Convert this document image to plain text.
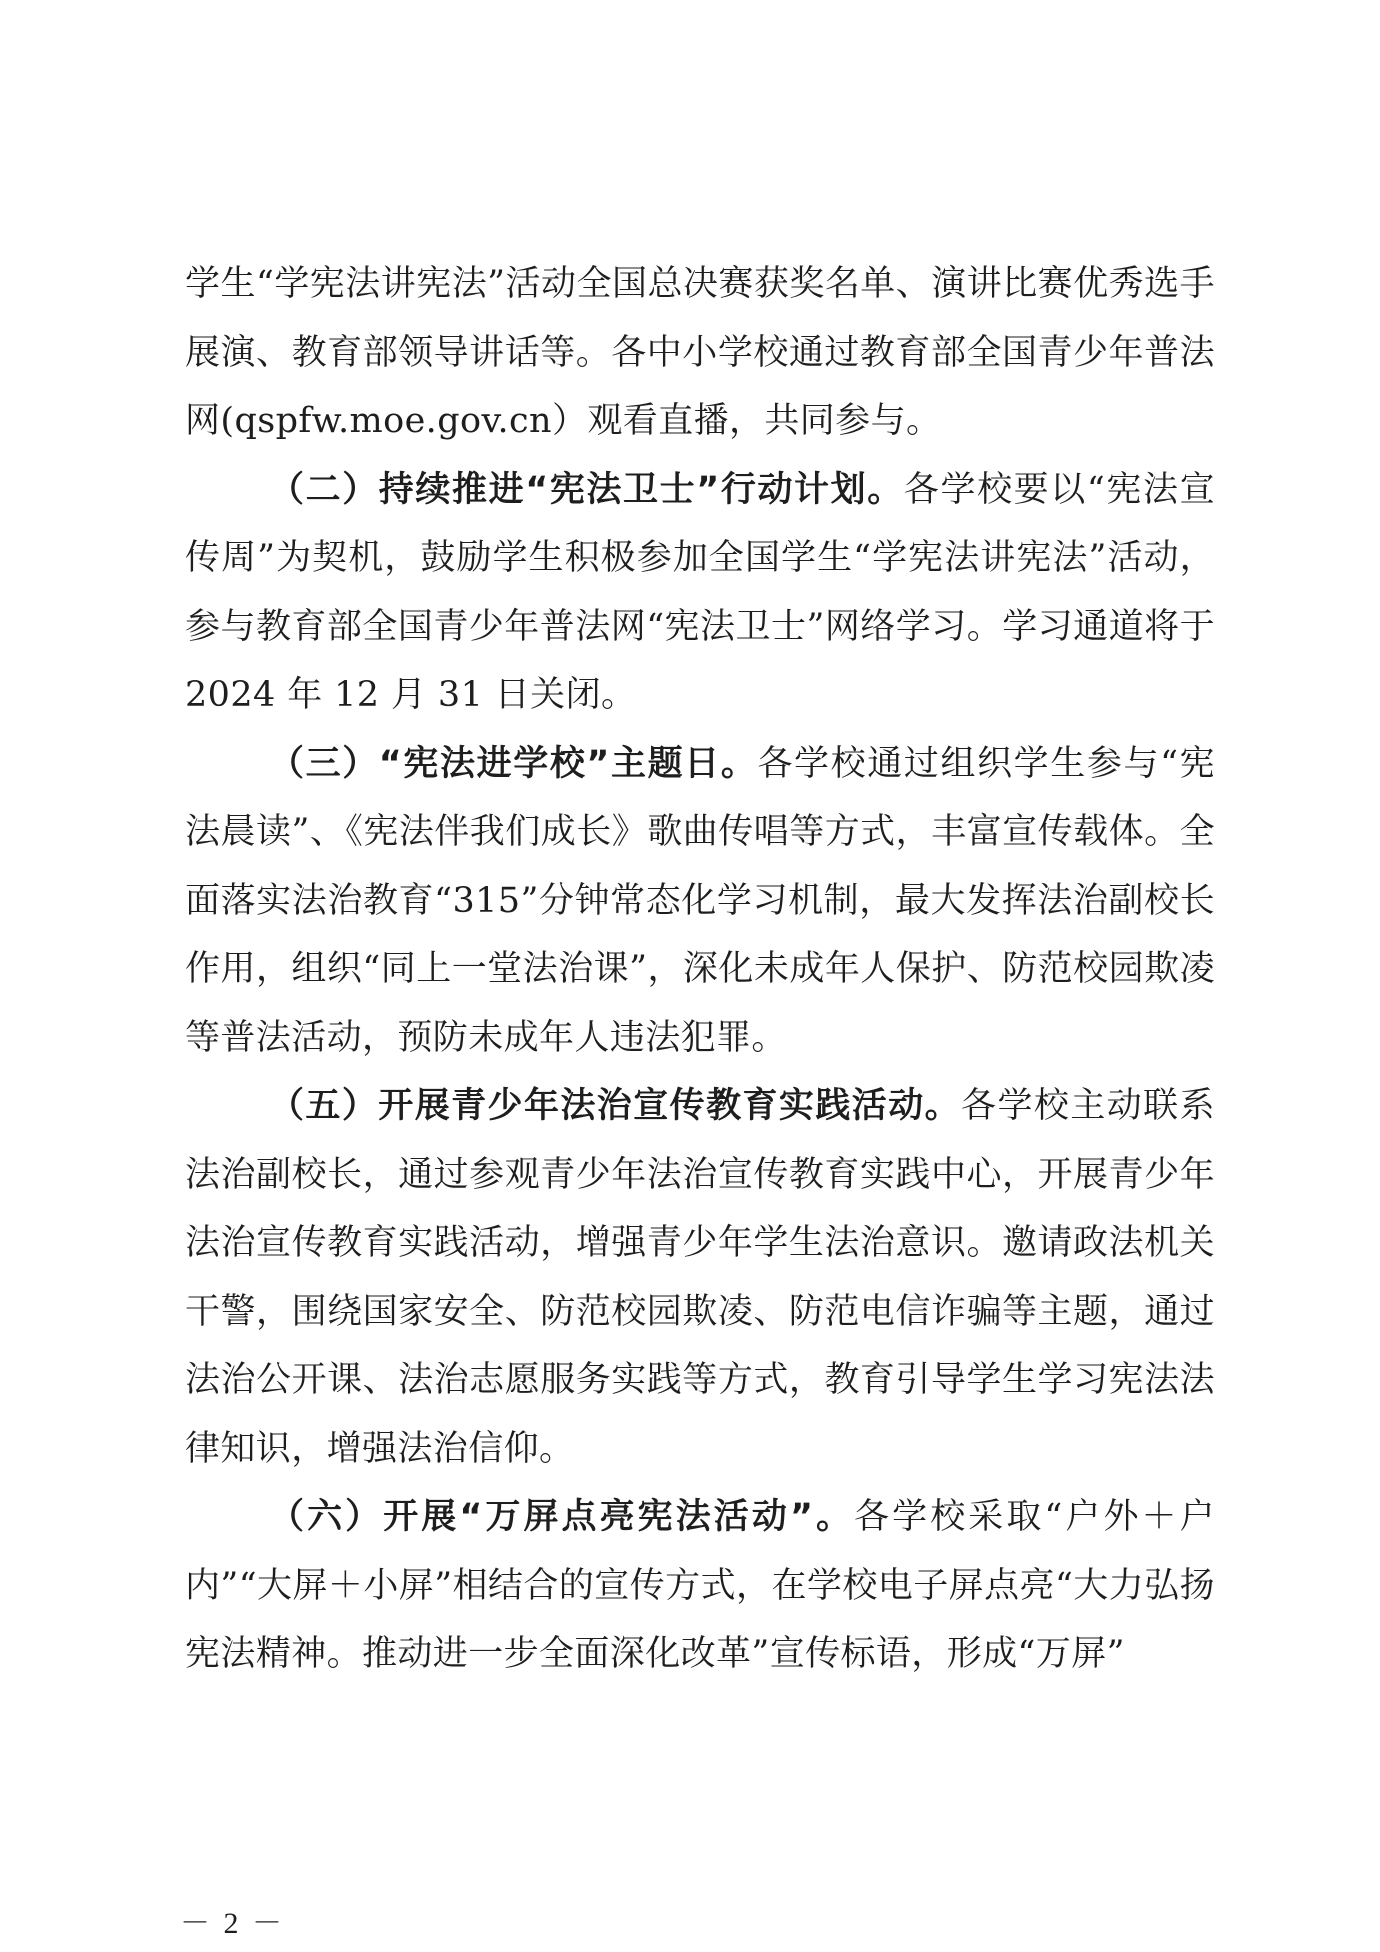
学生“学宪法讲宪法”活动全国总决赛获奖名单、演讲比赛优秀选手展演、教育部领导讲话等。各中小学校通过教育部全国青少年普法网(qspfw.moe.gov.cn）观看直播，共同参与。

（二）持续推进“宪法卫士”行动计划。各学校要以“宪法宣传周”为契机，鼓励学生积极参加全国学生“学宪法讲宪法”活动，参与教育部全国青少年普法网“宪法卫士”网络学习。学习通道将于 2024 年 12 月 31 日关闭。

（三）“宪法进学校”主题日。各学校通过组织学生参与“宪法晨读”、《宪法伴我们成长》歌曲传唱等方式，丰富宣传载体。全面落实法治教育“315”分钟常态化学习机制，最大发挥法治副校长作用，组织“同上一堂法治课”，深化未成年人保护、防范校园欺凌等普法活动，预防未成年人违法犯罪。

（五）开展青少年法治宣传教育实践活动。各学校主动联系法治副校长，通过参观青少年法治宣传教育实践中心，开展青少年法治宣传教育实践活动，增强青少年学生法治意识。邀请政法机关干警，围绕国家安全、防范校园欺凌、防范电信诈骗等主题，通过法治公开课、法治志愿服务实践等方式，教育引导学生学习宪法法律知识，增强法治信仰。

（六）开展“万屏点亮宪法活动”。各学校采取“户外＋户内”“大屏＋小屏”相结合的宣传方式，在学校电子屏点亮“大力弘扬宪法精神。推动进一步全面深化改革”宣传标语，形成“万屏”

－ 2 －
